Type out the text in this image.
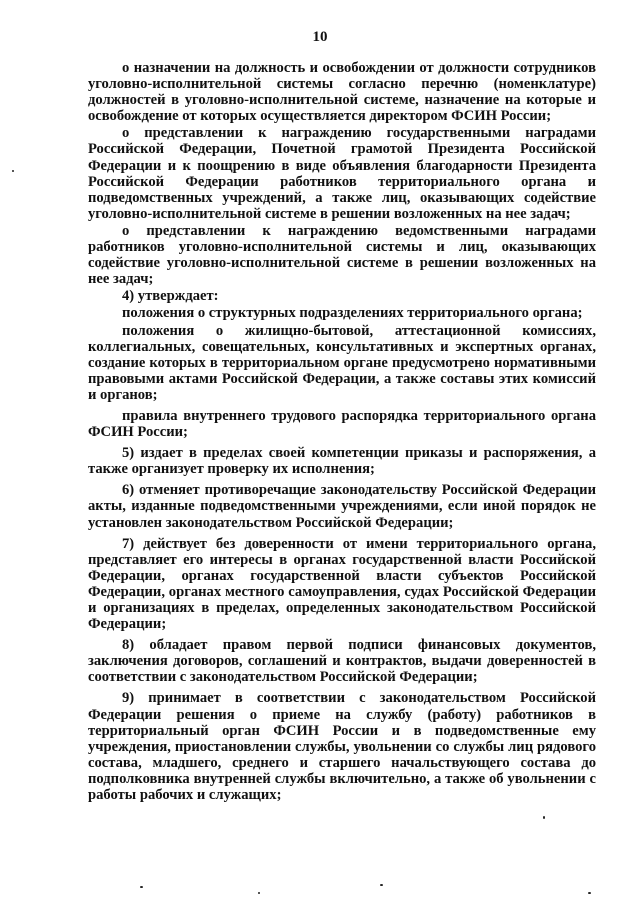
10

о назначении на должность и освобождении от должности сотрудников уголовно-исполнительной системы согласно перечню (номенклатуре) должностей в уголовно-исполнительной системе, назначение на которые и освобождение от которых осуществляется директором ФСИН России;

о представлении к награждению государственными наградами Российской Федерации, Почетной грамотой Президента Российской Федерации и к поощрению в виде объявления благодарности Президента Российской Федерации работников территориального органа и подведомственных учреждений, а также лиц, оказывающих содействие уголовно-исполнительной системе в решении возложенных на нее задач;

о представлении к награждению ведомственными наградами работников уголовно-исполнительной системы и лиц, оказывающих содействие уголовно-исполнительной системе в решении возложенных на нее задач;

4) утверждает:

положения о структурных подразделениях территориального органа;

положения о жилищно-бытовой, аттестационной комиссиях, коллегиальных, совещательных, консультативных и экспертных органах, создание которых в территориальном органе предусмотрено нормативными правовыми актами Российской Федерации, а также составы этих комиссий и органов;

правила внутреннего трудового распорядка территориального органа ФСИН России;

5) издает в пределах своей компетенции приказы и распоряжения, а также организует проверку их исполнения;

6) отменяет противоречащие законодательству Российской Федерации акты, изданные подведомственными учреждениями, если иной порядок не установлен законодательством Российской Федерации;

7) действует без доверенности от имени территориального органа, представляет его интересы в органах государственной власти Российской Федерации, органах государственной власти субъектов Российской Федерации, органах местного самоуправления, судах Российской Федерации и организациях в пределах, определенных законодательством Российской Федерации;

8) обладает правом первой подписи финансовых документов, заключения договоров, соглашений и контрактов, выдачи доверенностей в соответствии с законодательством Российской Федерации;

9) принимает в соответствии с законодательством Российской Федерации решения о приеме на службу (работу) работников в территориальный орган ФСИН России и в подведомственные ему учреждения, приостановлении службы, увольнении со службы лиц рядового состава, младшего, среднего и старшего начальствующего состава до подполковника внутренней службы включительно, а также об увольнении с работы рабочих и служащих;
